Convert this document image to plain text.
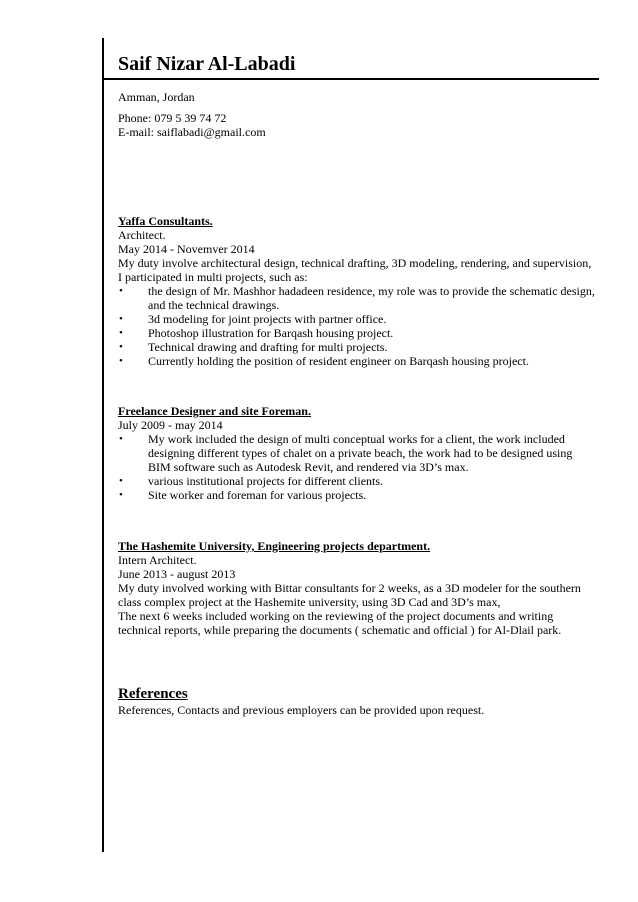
Saif Nizar Al-Labadi
Amman, Jordan
Phone: 079 5 39 74 72
E-mail: saiflabadi@gmail.com
Yaffa Consultants.
Architect.
May 2014 - Novemver 2014
My duty involve architectural design, technical drafting, 3D modeling, rendering, and supervision,
I participated in multi projects, such as:
• the design of Mr. Mashhor hadadeen residence, my role was to provide the schematic design,
and the technical drawings.
• 3d modeling for joint projects with partner office.
• Photoshop illustration for Barqash housing project.
• Technical drawing and drafting for multi projects.
• Currently holding the position of resident engineer on Barqash housing project.
Freelance Designer and site Foreman.
July 2009 - may 2014
• My work included the design of multi conceptual works for a client, the work included
designing different types of chalet on a private beach, the work had to be designed using
BIM software such as Autodesk Revit, and rendered via 3D’s max.
• various institutional projects for different clients.
• Site worker and foreman for various projects.
The Hashemite University, Engineering projects department.
Intern Architect.
June 2013 - august 2013
My duty involved working with Bittar consultants for 2 weeks, as a 3D modeler for the southern
class complex project at the Hashemite university, using 3D Cad and 3D’s max,
The next 6 weeks included working on the reviewing of the project documents and writing
technical reports, while preparing the documents ( schematic and official ) for Al-Dlail park.
References
References, Contacts and previous employers can be provided upon request.
